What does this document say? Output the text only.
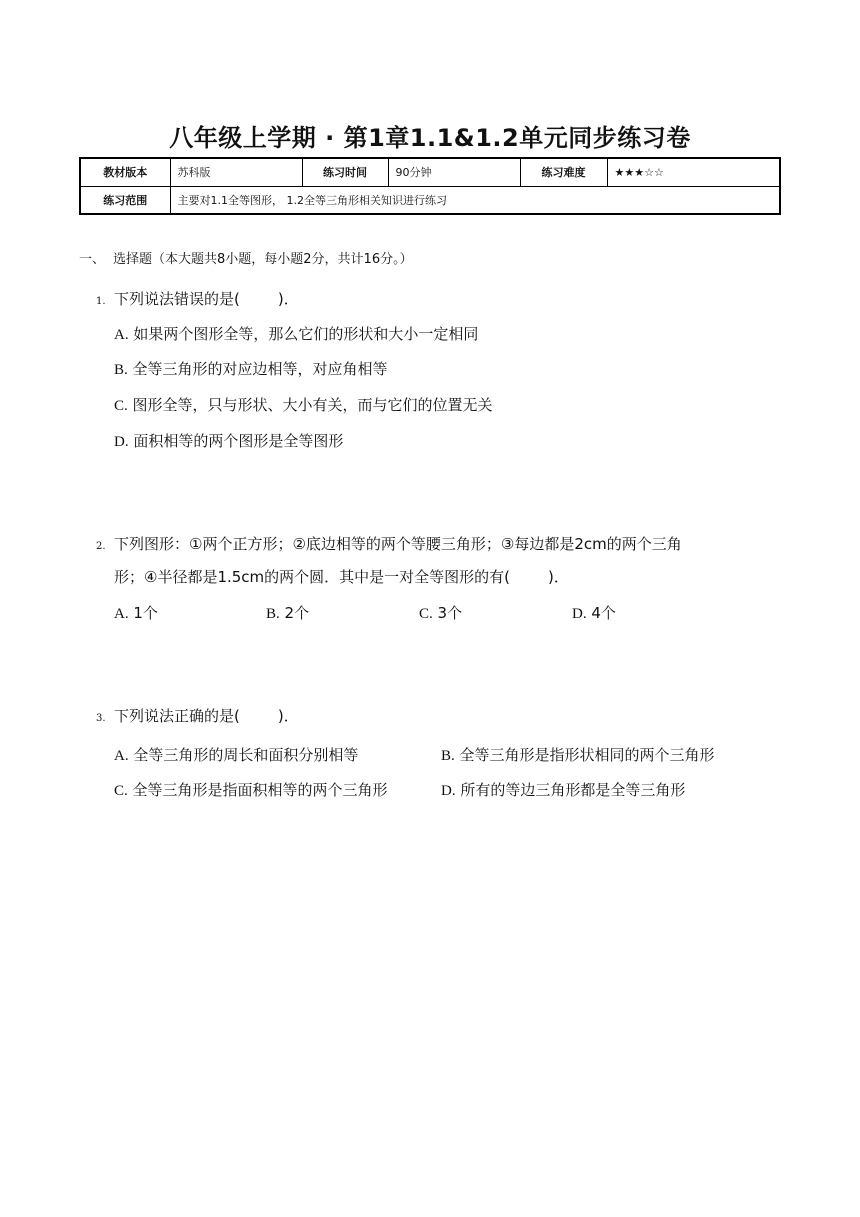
八年级上学期 · 第1章1.1&1.2单元同步练习卷
教材版本	苏科版	练习时间	90分钟	练习难度	★★★☆☆
练习范围	主要对1.1全等图形， 1.2全等三角形相关知识进行练习				
一、 选择题（本大题共8小题，每小题2分，共计16分。）
1. 下列说法错误的是(	)．
A. 如果两个图形全等，那么它们的形状和大小一定相同
B. 全等三角形的对应边相等，对应角相等
C. 图形全等，只与形状、大小有关，而与它们的位置无关
D. 面积相等的两个图形是全等图形
2. 下列图形：①两个正方形；②底边相等的两个等腰三角形；③每边都是2cm的两个三角
形；④半径都是1.5cm的两个圆．其中是一对全等图形的有(	)．
A. 1个	B. 2个	C. 3个	D. 4个
3. 下列说法正确的是(	)．
A. 全等三角形的周长和面积分别相等	B. 全等三角形是指形状相同的两个三角形
C. 全等三角形是指面积相等的两个三角形	D. 所有的等边三角形都是全等三角形
